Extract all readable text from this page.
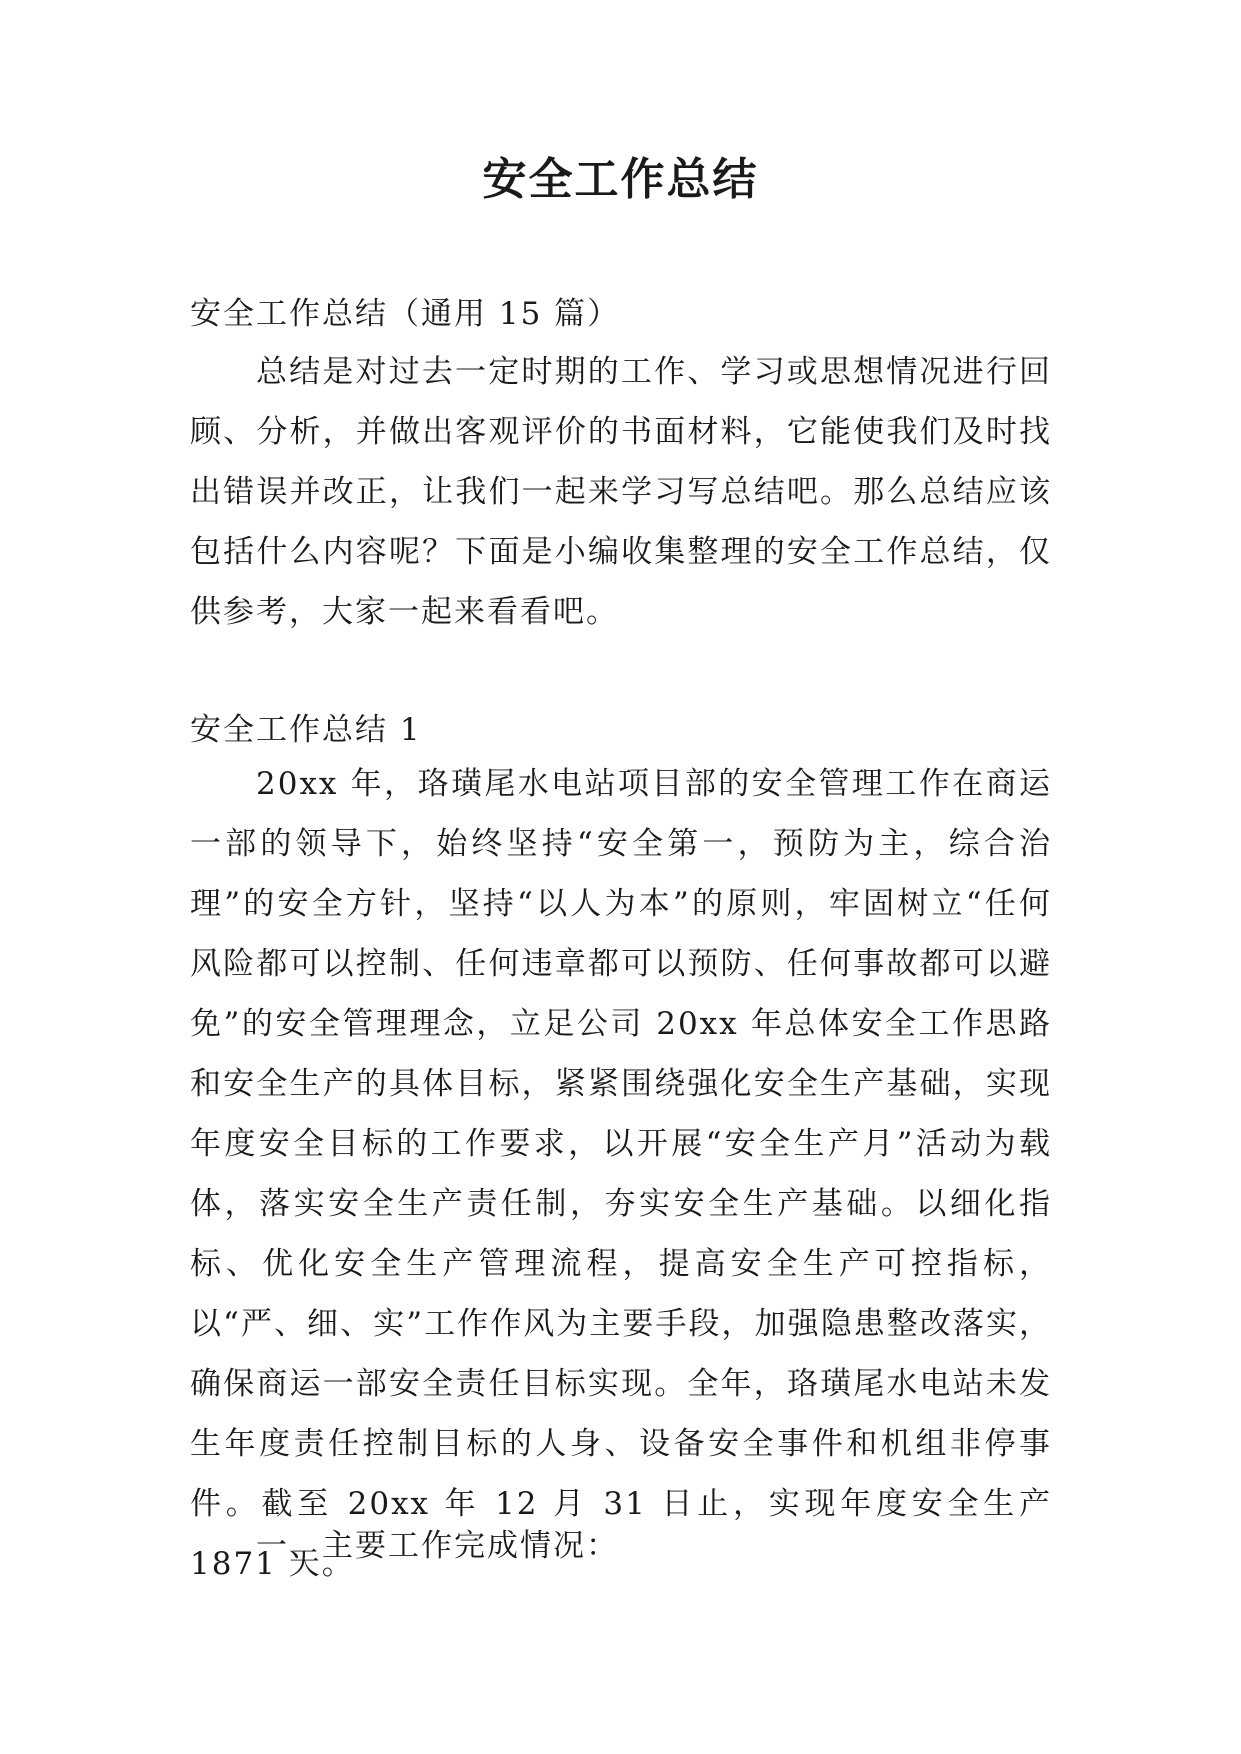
安全工作总结

安全工作总结（通用 15 篇）

总结是对过去一定时期的工作、学习或思想情况进行回顾、分析，并做出客观评价的书面材料，它能使我们及时找出错误并改正，让我们一起来学习写总结吧。那么总结应该包括什么内容呢？下面是小编收集整理的安全工作总结，仅供参考，大家一起来看看吧。

安全工作总结 1

20xx 年，珞璜尾水电站项目部的安全管理工作在商运一部的领导下，始终坚持“安全第一，预防为主，综合治理”的安全方针，坚持“以人为本”的原则，牢固树立“任何风险都可以控制、任何违章都可以预防、任何事故都可以避免”的安全管理理念，立足公司 20xx 年总体安全工作思路和安全生产的具体目标，紧紧围绕强化安全生产基础，实现年度安全目标的工作要求，以开展“安全生产月”活动为载体，落实安全生产责任制，夯实安全生产基础。以细化指标、优化安全生产管理流程，提高安全生产可控指标，以“严、细、实”工作作风为主要手段，加强隐患整改落实，确保商运一部安全责任目标实现。全年，珞璜尾水电站未发生年度责任控制目标的人身、设备安全事件和机组非停事件。截至 20xx 年 12 月 31 日止，实现年度安全生产 1871 天。

一、主要工作完成情况：
